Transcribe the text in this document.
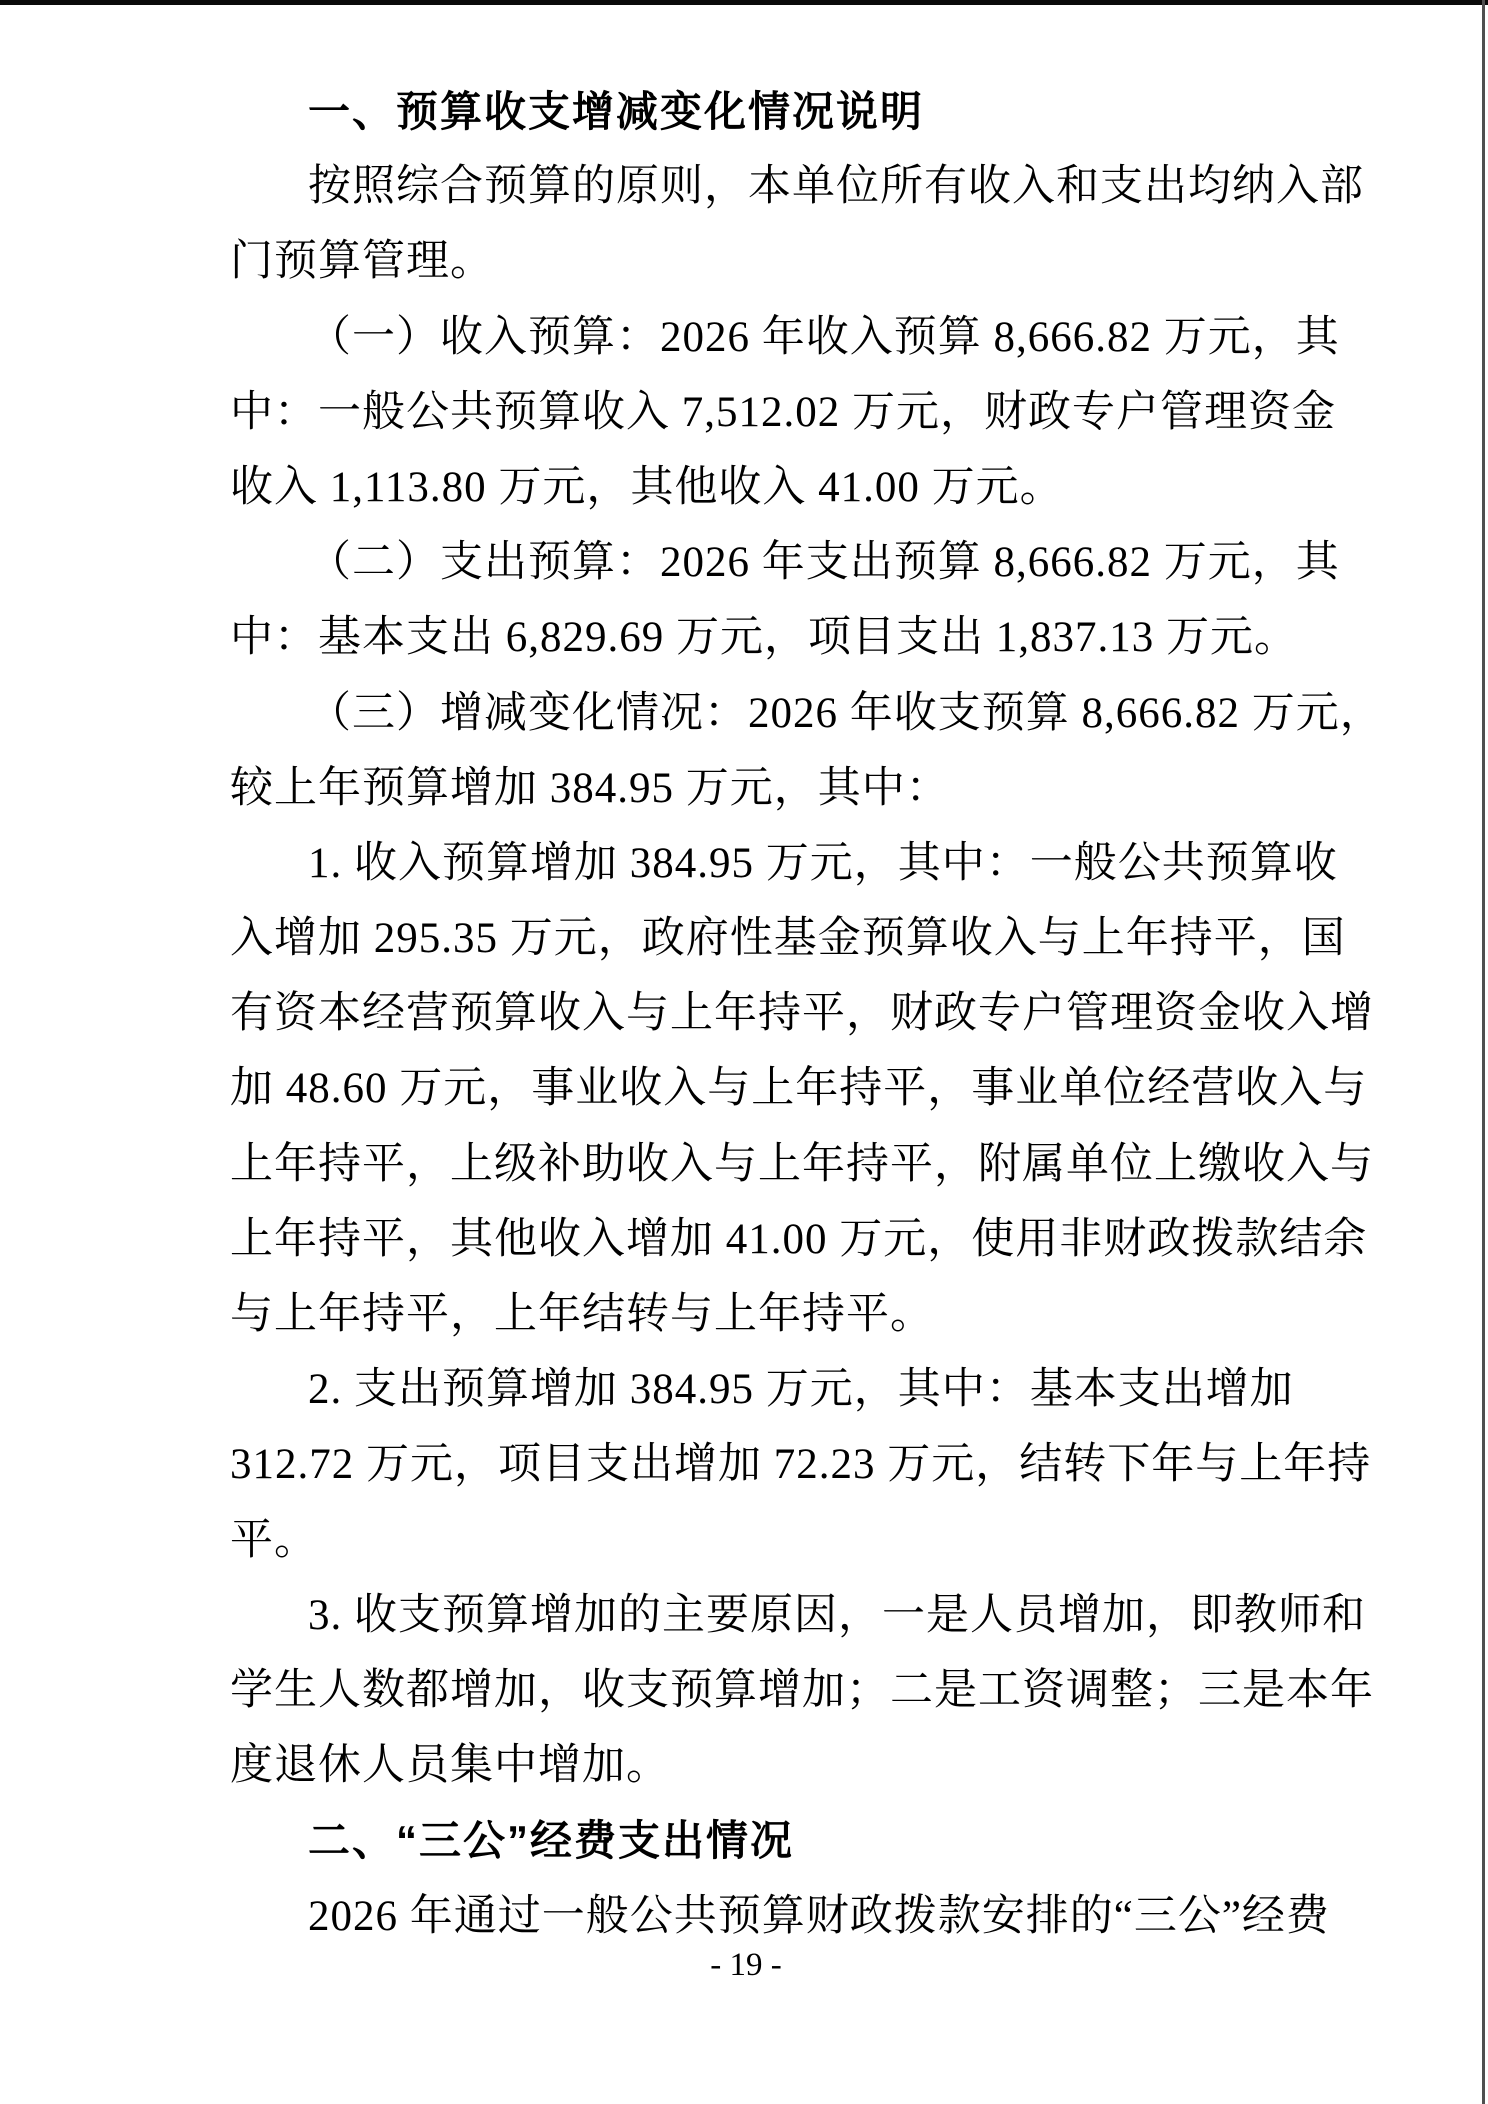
一、预算收支增减变化情况说明
按照综合预算的原则，本单位所有收入和支出均纳入部
门预算管理。
（一）收入预算：2026 年收入预算 8,666.82 万元，其
中：一般公共预算收入 7,512.02 万元，财政专户管理资金
收入 1,113.80 万元，其他收入 41.00 万元。
（二）支出预算：2026 年支出预算 8,666.82 万元，其
中：基本支出 6,829.69 万元，项目支出 1,837.13 万元。
（三）增减变化情况：2026 年收支预算 8,666.82 万元，
较上年预算增加 384.95 万元，其中：
1. 收入预算增加 384.95 万元，其中：一般公共预算收
入增加 295.35 万元，政府性基金预算收入与上年持平，国
有资本经营预算收入与上年持平，财政专户管理资金收入增
加 48.60 万元，事业收入与上年持平，事业单位经营收入与
上年持平，上级补助收入与上年持平，附属单位上缴收入与
上年持平，其他收入增加 41.00 万元，使用非财政拨款结余
与上年持平，上年结转与上年持平。
2. 支出预算增加 384.95 万元，其中：基本支出增加
312.72 万元，项目支出增加 72.23 万元，结转下年与上年持
平。
3. 收支预算增加的主要原因，一是人员增加，即教师和
学生人数都增加，收支预算增加；二是工资调整；三是本年
度退休人员集中增加。
二、“三公”经费支出情况
2026 年通过一般公共预算财政拨款安排的“三公”经费
- 19 -
